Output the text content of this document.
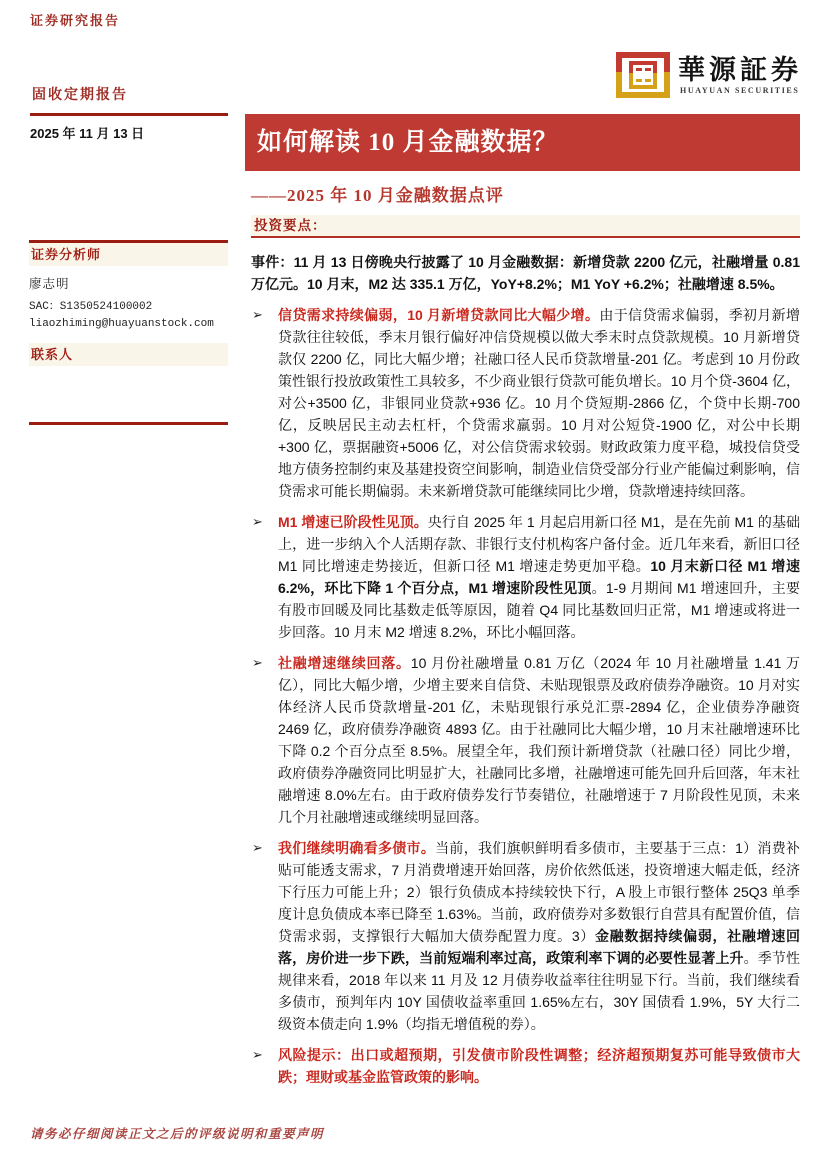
证券研究报告
固收定期报告
2025 年 11 月 13 日
華源証券
HUAYUAN SECURITIES
如何解读 10 月金融数据？
——2025 年 10 月金融数据点评
证券分析师
廖志明
SAC：S1350524100002
liaozhiming@huayuanstock.com
联系人
投资要点：

事件：11 月 13 日傍晚央行披露了 10 月金融数据：新增贷款 2200 亿元，社融增量 0.81 万亿元。10 月末，M2 达 335.1 万亿，YoY+8.2%；M1 YoY +6.2%；社融增速 8.5%。

➢	信贷需求持续偏弱，10 月新增贷款同比大幅少增。由于信贷需求偏弱，季初月新增贷款往往较低，季末月银行偏好冲信贷规模以做大季末时点贷款规模。10 月新增贷款仅 2200 亿，同比大幅少增；社融口径人民币贷款增量-201 亿。考虑到 10 月份政策性银行投放政策性工具较多，不少商业银行贷款可能负增长。10 月个贷-3604 亿，对公+3500 亿，非银同业贷款+936 亿。10 月个贷短期-2866 亿，个贷中长期-700 亿，反映居民主动去杠杆，个贷需求羸弱。10 月对公短贷-1900 亿，对公中长期+300 亿，票据融资+5006 亿，对公信贷需求较弱。财政政策力度平稳，城投信贷受地方债务控制约束及基建投资空间影响，制造业信贷受部分行业产能偏过剩影响，信贷需求可能长期偏弱。未来新增贷款可能继续同比少增，贷款增速持续回落。

➢	M1 增速已阶段性见顶。央行自 2025 年 1 月起启用新口径 M1，是在先前 M1 的基础上，进一步纳入个人活期存款、非银行支付机构客户备付金。近几年来看，新旧口径 M1 同比增速走势接近，但新口径 M1 增速走势更加平稳。10 月末新口径 M1 增速 6.2%，环比下降 1 个百分点，M1 增速阶段性见顶。1-9 月期间 M1 增速回升，主要有股市回暖及同比基数走低等原因，随着 Q4 同比基数回归正常，M1 增速或将进一步回落。10 月末 M2 增速 8.2%，环比小幅回落。

➢	社融增速继续回落。10 月份社融增量 0.81 万亿（2024 年 10 月社融增量 1.41 万亿），同比大幅少增，少增主要来自信贷、未贴现银票及政府债券净融资。10 月对实体经济人民币贷款增量-201 亿，未贴现银行承兑汇票-2894 亿，企业债券净融资 2469 亿，政府债券净融资 4893 亿。由于社融同比大幅少增，10 月末社融增速环比下降 0.2 个百分点至 8.5%。展望全年，我们预计新增贷款（社融口径）同比少增，政府债券净融资同比明显扩大，社融同比多增，社融增速可能先回升后回落，年末社融增速 8.0%左右。由于政府债券发行节奏错位，社融增速于 7 月阶段性见顶，未来几个月社融增速或继续明显回落。

➢	我们继续明确看多债市。当前，我们旗帜鲜明看多债市，主要基于三点：1）消费补贴可能透支需求，7 月消费增速开始回落，房价依然低迷，投资增速大幅走低，经济下行压力可能上升；2）银行负债成本持续较快下行，A 股上市银行整体 25Q3 单季度计息负债成本率已降至 1.63%。当前，政府债券对多数银行自营具有配置价值，信贷需求弱，支撑银行大幅加大债券配置力度。3）金融数据持续偏弱，社融增速回落，房价进一步下跌，当前短端利率过高，政策利率下调的必要性显著上升。季节性规律来看，2018 年以来 11 月及 12 月债券收益率往往明显下行。当前，我们继续看多债市，预判年内 10Y 国债收益率重回 1.65%左右，30Y 国债看 1.9%，5Y 大行二级资本债走向 1.9%（均指无增值税的券）。

➢	风险提示：出口或超预期，引发债市阶段性调整；经济超预期复苏可能导致债市大跌；理财或基金监管政策的影响。

请务必仔细阅读正文之后的评级说明和重要声明
